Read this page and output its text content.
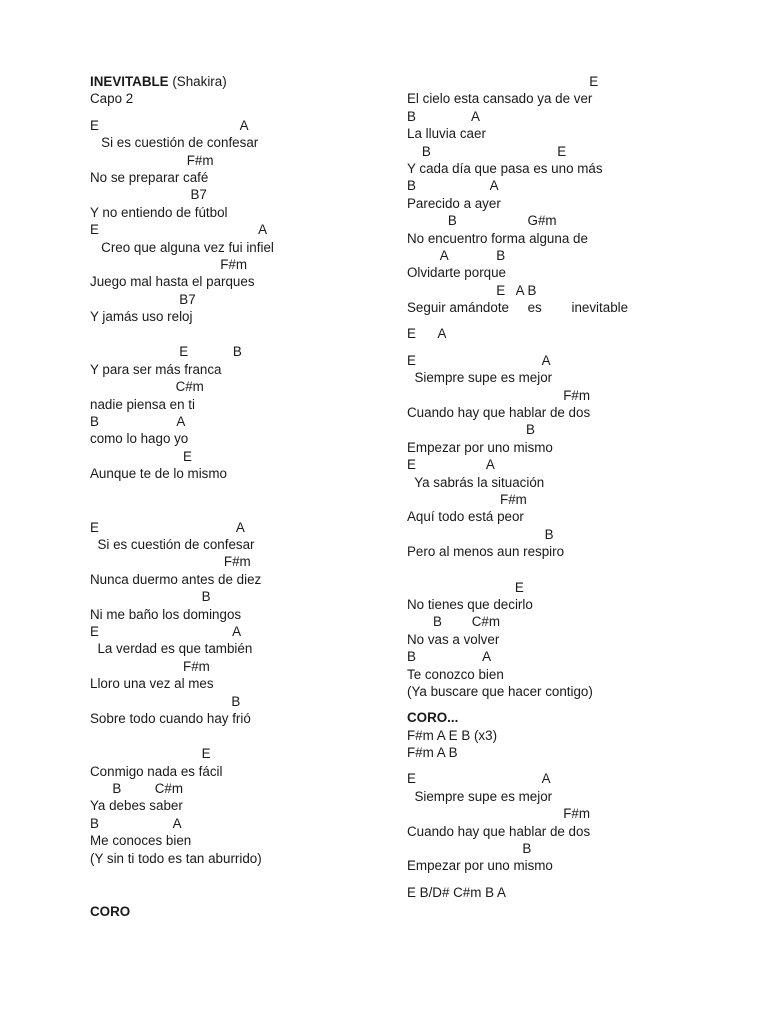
INEVITABLE (Shakira)
Capo 2
E                                      A
Si es cuestión de confesar
F#m
No se preparar café
B7
Y no entiendo de fútbol
E                                           A
Creo que alguna vez fui infiel
F#m
Juego mal hasta el parques
B7
Y jamás uso reloj
E            B
Y para ser más franca
C#m
nadie piensa en ti
B                     A
como lo hago yo
E
Aunque te de lo mismo
E                                     A
Si es cuestión de confesar
F#m
Nunca duermo antes de diez
B
Ni me baño los domingos
E                                    A
La verdad es que también
F#m
Lloro una vez al mes
B
Sobre todo cuando hay frió
E
Conmigo nada es fácil
B         C#m
Ya debes saber
B                    A
Me conoces bien
(Y sin ti todo es tan aburrido)
CORO
E
El cielo esta cansado ya de ver
B               A
La lluvia caer
B                                  E
Y cada día que pasa es uno más
B                    A
Parecido a ayer
B                   G#m
No encuentro forma alguna de
A             B
Olvidarte porque
E   A B
Seguir amándote     es        inevitable
E      A
E                                  A
Siempre supe es mejor
F#m
Cuando hay que hablar de dos
B
Empezar por uno mismo
E                   A
Ya sabrás la situación
F#m
Aquí todo está peor
B
Pero al menos aun respiro
E
No tienes que decirlo
B        C#m
No vas a volver
B                  A
Te conozco bien
(Ya buscare que hacer contigo)
CORO...
F#m A E B (x3)
F#m A B
E                                  A
Siempre supe es mejor
F#m
Cuando hay que hablar de dos
B
Empezar por uno mismo
E B/D# C#m B A
